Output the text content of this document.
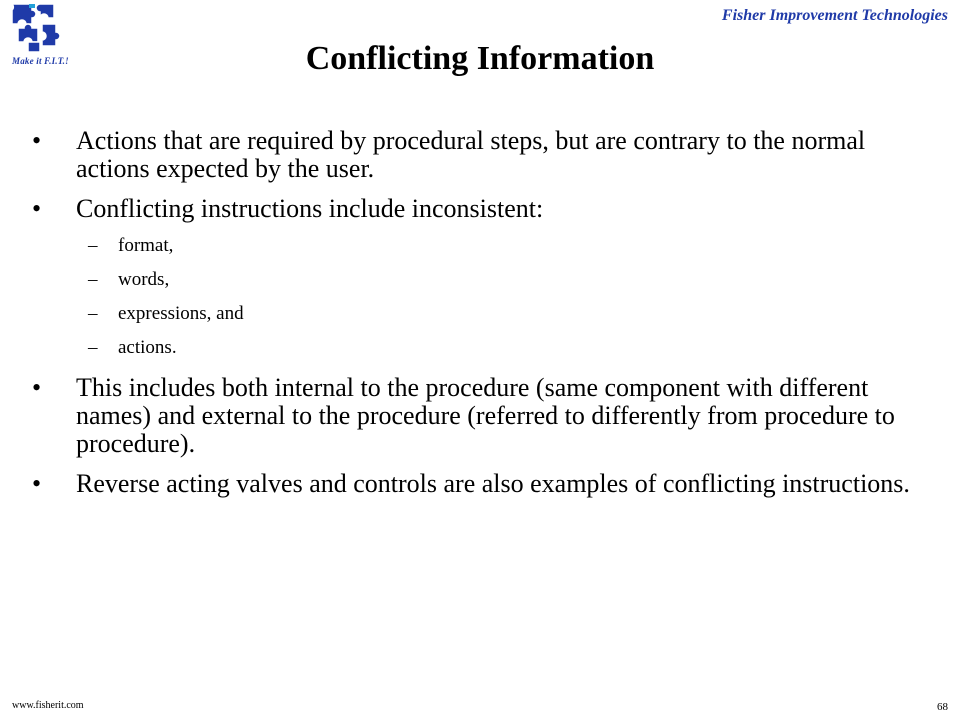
Make it F.I.T.!
Fisher Improvement Technologies
Conflicting Information
•	Actions that are required by procedural steps, but are contrary to the normal actions expected by the user.
•	Conflicting instructions include inconsistent:
–	format,
–	words,
–	expressions, and
–	actions.
•	This includes both internal to the procedure (same component with different names) and external to the procedure (referred to differently from procedure to procedure).
•	Reverse acting valves and controls are also examples of conflicting instructions.
www.fisherit.com	68
